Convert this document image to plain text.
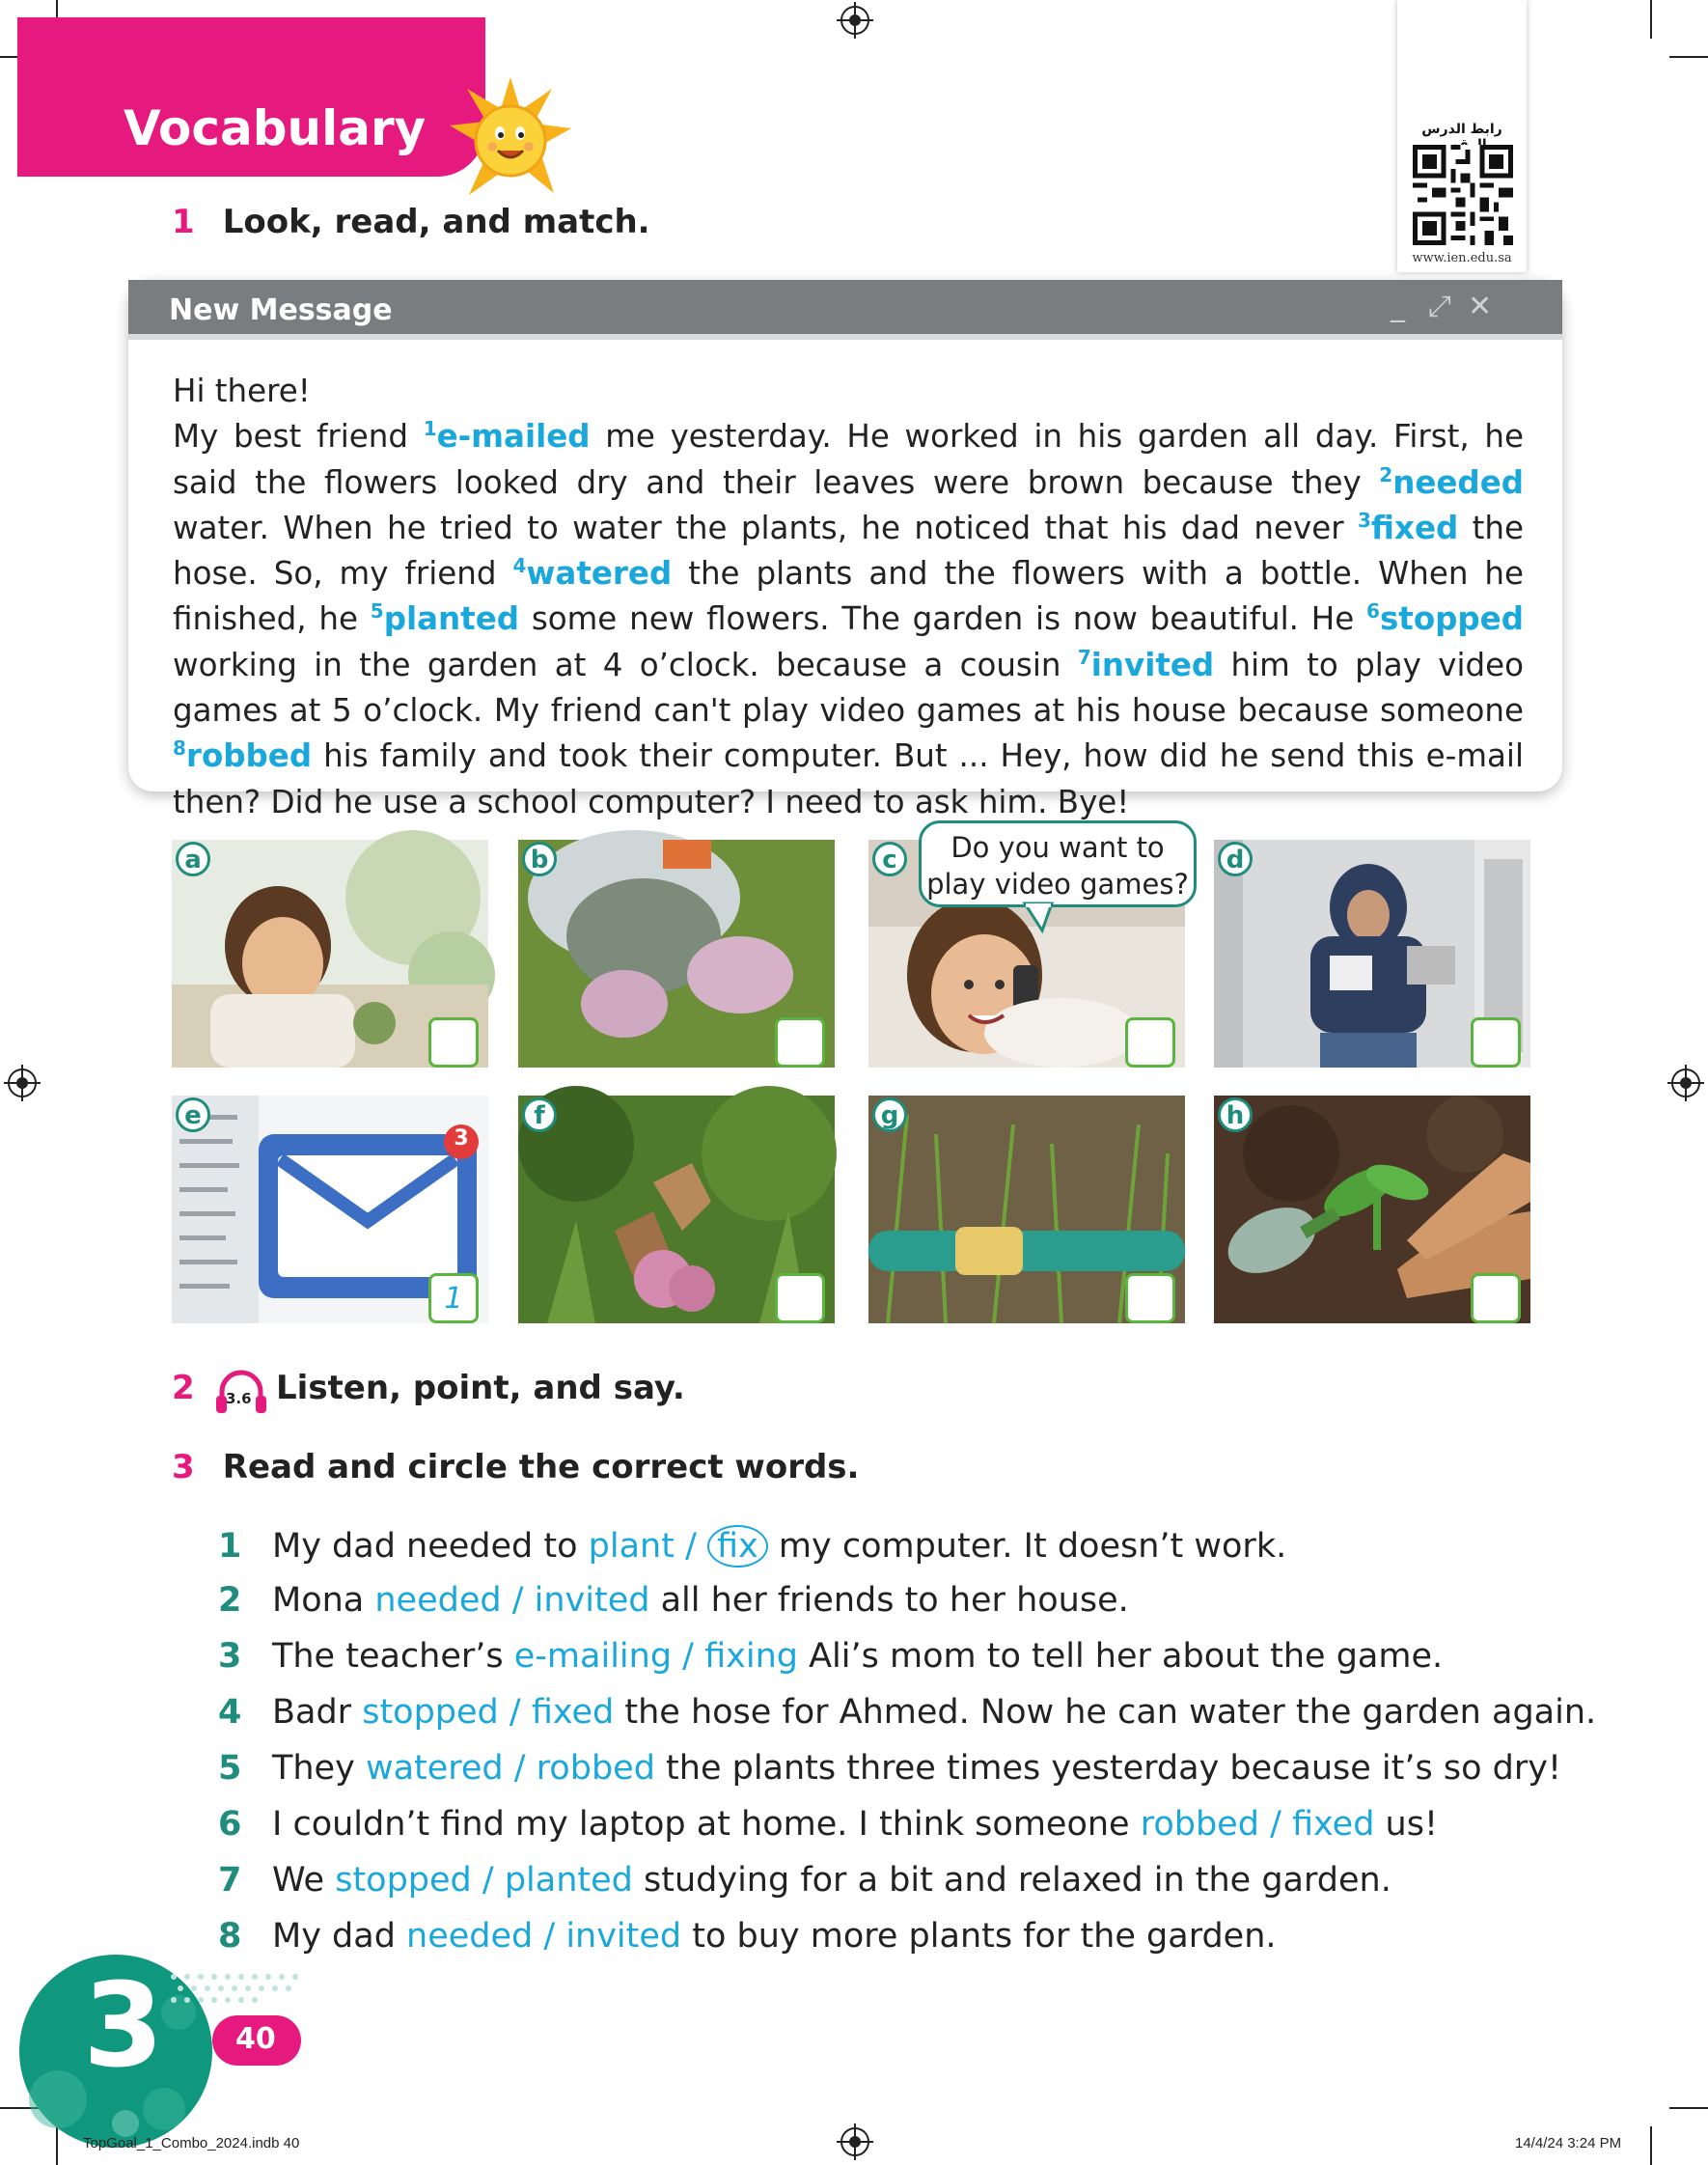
Vocabulary	رابط الدرس
www.ien.edu.sa
1 Look, read, and match.
New Message	_ ⤢ ✕

Hi there!

My best friend $^1$e-mailed me yesterday. He worked in his garden all day. First, he said the flowers looked dry and their leaves were brown because they $^2$needed water. When he tried to water the plants, he noticed that his dad never $^3$fixed the hose. So, my friend $^4$watered the plants and the flowers with a bottle. When he finished, he $^5$planted some new flowers. The garden is now beautiful. He $^6$stopped working in the garden at 4 o’clock. because a cousin $^7$invited him to play video games at 5 o’clock. My friend can't play video games at his house because someone $^8$robbed his family and took their computer. But ... Hey, how did he send this e-mail then? Did he use a school computer? I need to ask him. Bye!

a	b	c	d
3
e
1
f	g	h
Do you want to
play video games?
2 3.6 Listen, point, and say.
3 Read and circle the correct words.
1 My dad needed to plant / fix my computer. It doesn’t work.
2 Mona needed / invited all her friends to her house.
3 The teacher’s e-mailing / fixing Ali’s mom to tell her about the game.
4 Badr stopped / fixed the hose for Ahmed. Now he can water the garden again.
5 They watered / robbed the plants three times yesterday because it’s so dry!
6 I couldn’t find my laptop at home. I think someone robbed / fixed us!
7 We stopped / planted studying for a bit and relaxed in the garden.
8 My dad needed / invited to buy more plants for the garden.
3 40
TopGoal_1_Combo_2024.indb 40	14/4/24 3:24 PM
